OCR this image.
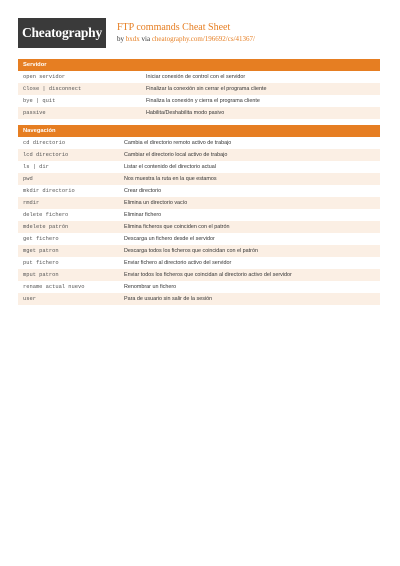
Cheatography	FTP commands Cheat Sheet
by bxdx via cheatography.com/196692/cs/41367/
Servidor
open servidor	Iniciar conexión de control con el servidor
Close | disconnect	Finalizar la conexión sin cerrar el programa cliente
bye | quit	Finaliza la conexión y cierra el programa cliente
passive	Habilita/Deshabilita modo pasivo
Navegación
cd directorio	Cambia el directorio remoto activo de trabajo
lcd directorio	Cambiar el directorio local activo de trabajo
ls | dir	Listar el contenido del directorio actual
pwd	Nos muestra la ruta en la que estamos
mkdir directorio	Crear directorio
rmdir	Elimina un directorio vacío
delete fichero	Eliminar fichero
mdelete patrón	Elimina ficheros que coinciden con el patrón
get fichero	Descarga un fichero desde el servidor
mget patron	Descarga todos los ficheros que coincidan con el patrón
put fichero	Enviar fichero al directorio activo del servidor
mput patron	Enviar todos los ficheros que coincidan al directorio activo del servidor
rename actual nuevo	Renombrar un fichero
user	Para de usuario sin salir de la sesión
